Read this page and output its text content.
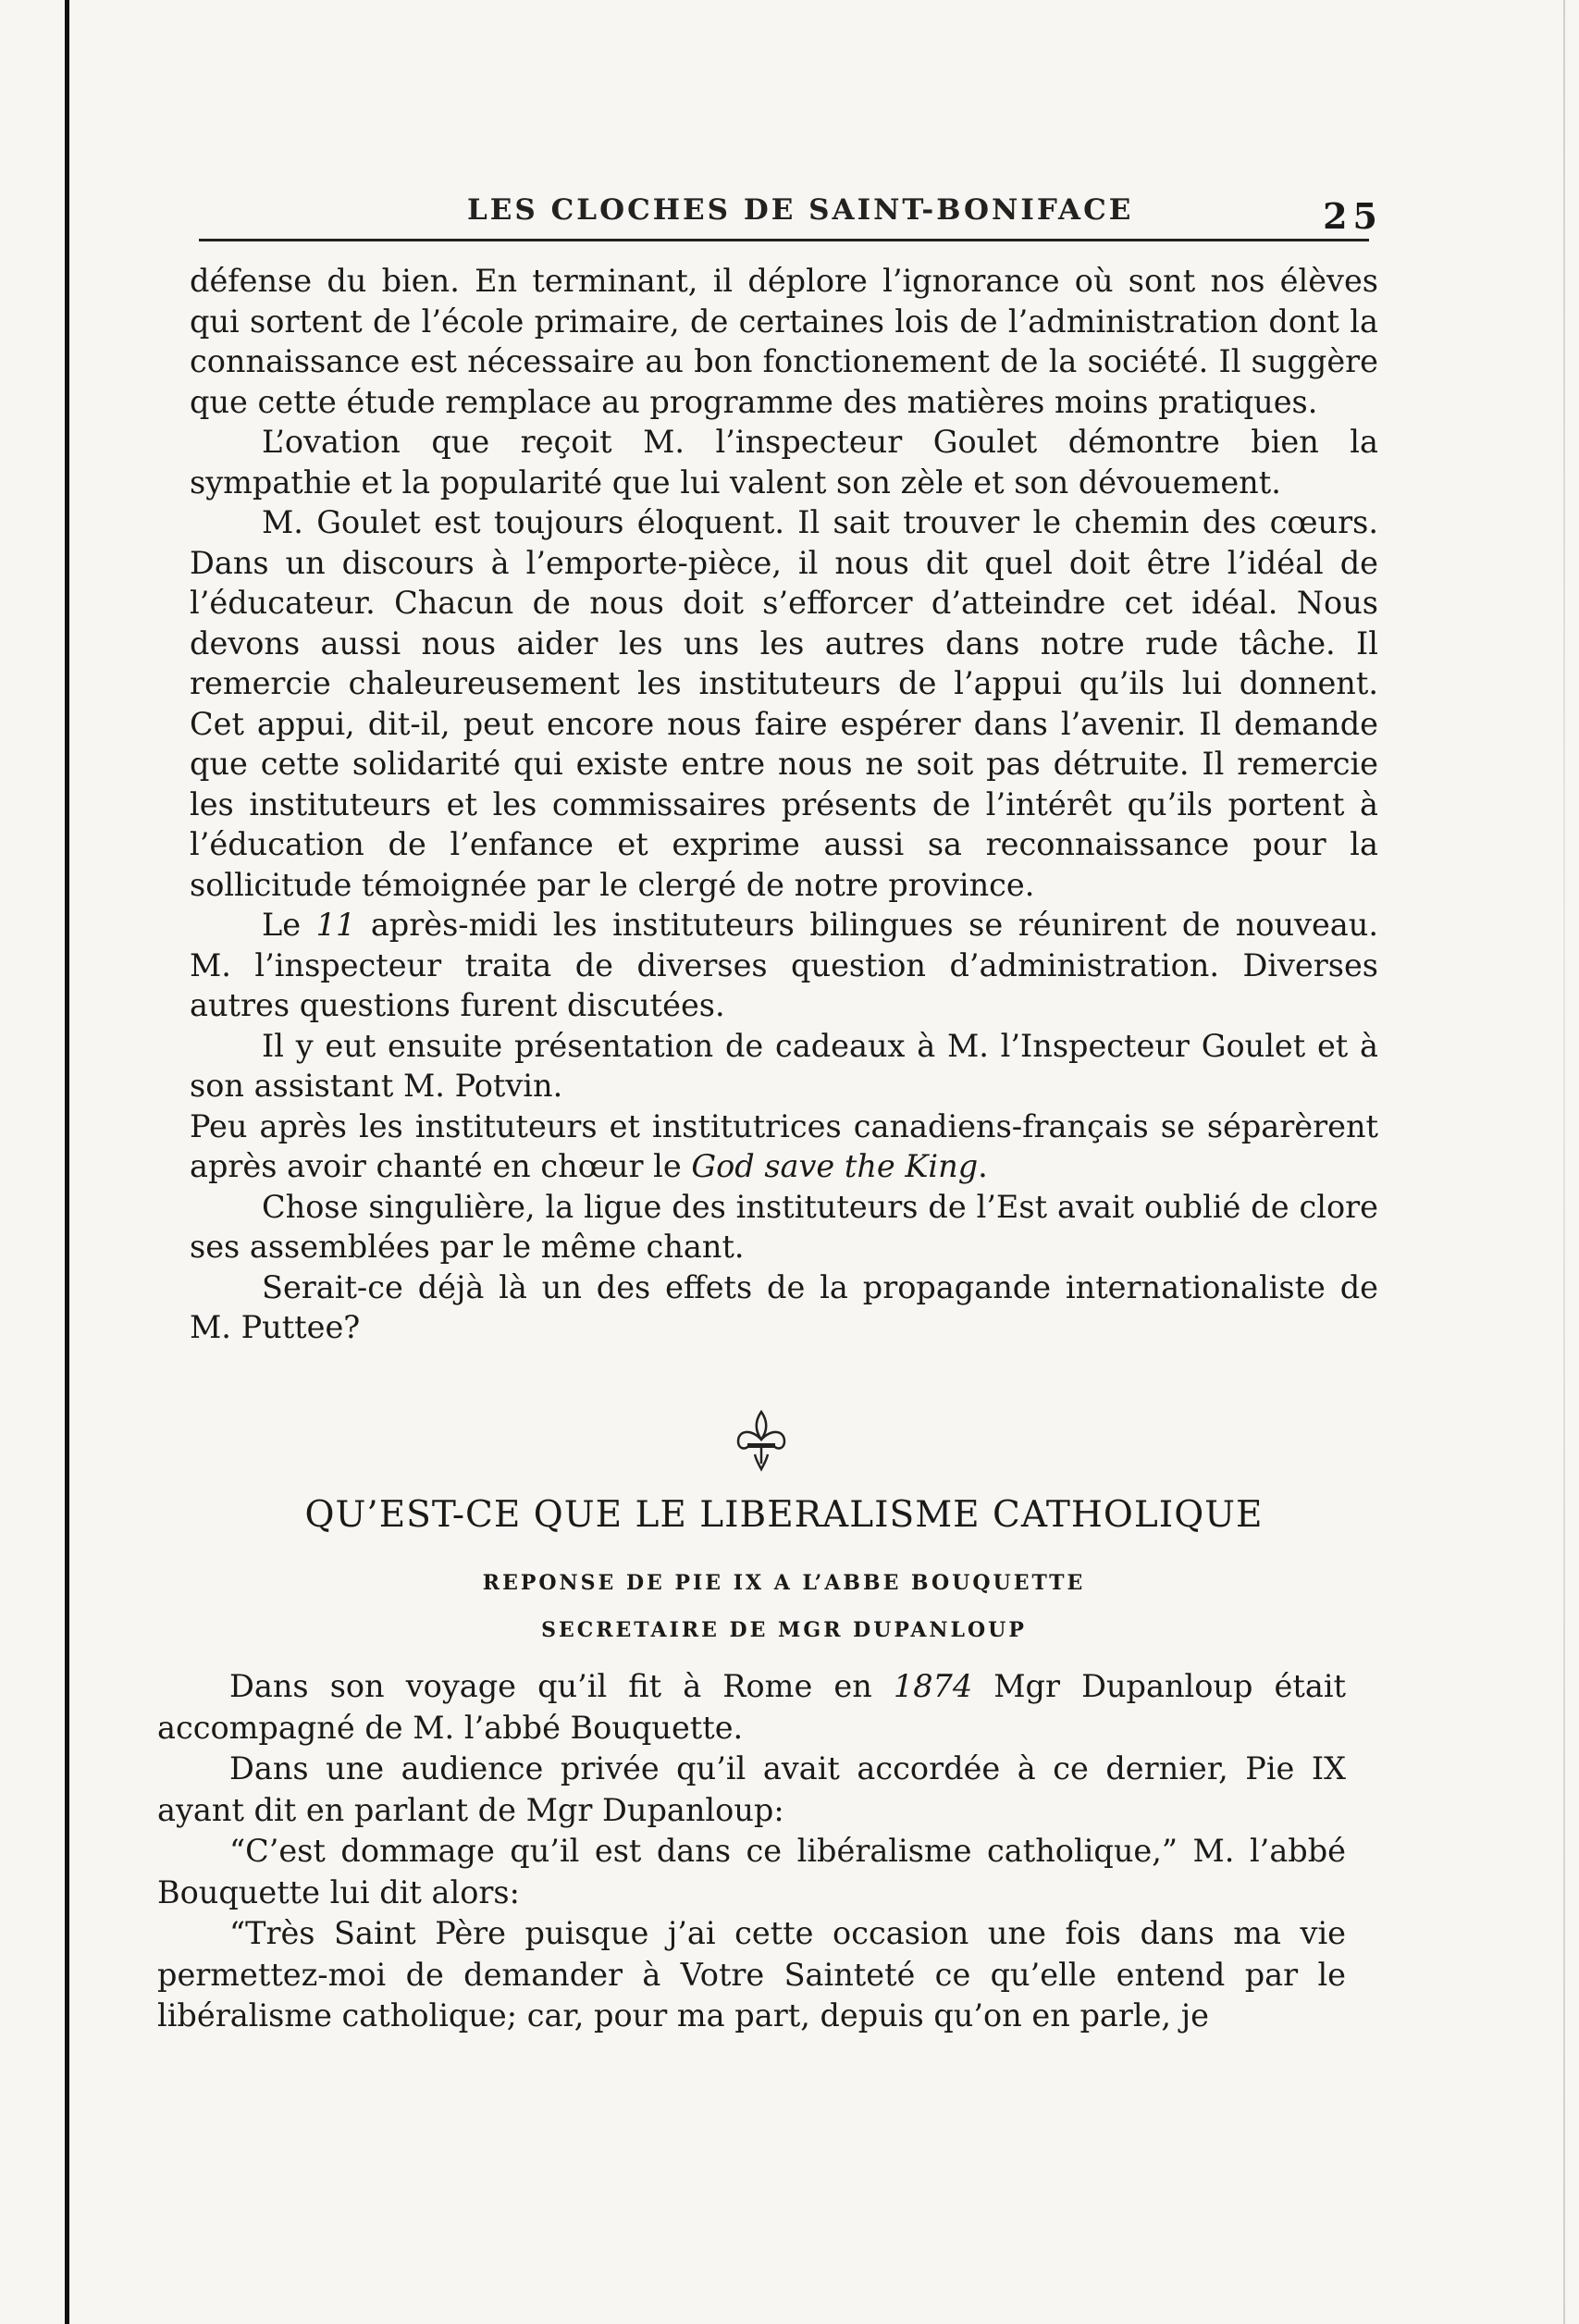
LES CLOCHES DE SAINT-BONIFACE	25

défense du bien. En terminant, il déplore l’ignorance où sont nos élèves qui sortent de l’école primaire, de certaines lois de l’administration dont la connaissance est nécessaire au bon fonctionement de la société. Il suggère que cette étude remplace au programme des matières moins pratiques.

L’ovation que reçoit M. l’inspecteur Goulet démontre bien la sympathie et la popularité que lui valent son zèle et son dévouement.

M. Goulet est toujours éloquent. Il sait trouver le chemin des cœurs. Dans un discours à l’emporte-pièce, il nous dit quel doit être l’idéal de l’éducateur. Chacun de nous doit s’efforcer d’atteindre cet idéal. Nous devons aussi nous aider les uns les autres dans notre rude tâche. Il remercie chaleureusement les instituteurs de l’appui qu’ils lui donnent. Cet appui, dit-il, peut encore nous faire espérer dans l’avenir. Il demande que cette solidarité qui existe entre nous ne soit pas détruite. Il remercie les instituteurs et les commissaires présents de l’intérêt qu’ils portent à l’éducation de l’enfance et exprime aussi sa reconnaissance pour la sollicitude témoignée par le clergé de notre province.

Le 11 après-midi les instituteurs bilingues se réunirent de nouveau. M. l’inspecteur traita de diverses question d’administration. Diverses autres questions furent discutées.

Il y eut ensuite présentation de cadeaux à M. l’Inspecteur Goulet et à son assistant M. Potvin.

Peu après les instituteurs et institutrices canadiens-français se séparèrent après avoir chanté en chœur le God save the King.

Chose singulière, la ligue des instituteurs de l’Est avait oublié de clore ses assemblées par le même chant.

Serait-ce déjà là un des effets de la propagande internationaliste de M. Puttee?

QU’EST-CE QUE LE LIBERALISME CATHOLIQUE
REPONSE DE PIE IX A L’ABBE BOUQUETTE
SECRETAIRE DE MGR DUPANLOUP

Dans son voyage qu’il fit à Rome en 1874 Mgr Dupanloup était accompagné de M. l’abbé Bouquette.

Dans une audience privée qu’il avait accordée à ce dernier, Pie IX ayant dit en parlant de Mgr Dupanloup:

“C’est dommage qu’il est dans ce libéralisme catholique,” M. l’abbé Bouquette lui dit alors:

“Très Saint Père puisque j’ai cette occasion une fois dans ma vie permettez-moi de demander à Votre Sainteté ce qu’elle entend par le libéralisme catholique; car, pour ma part, depuis qu’on en parle, je
